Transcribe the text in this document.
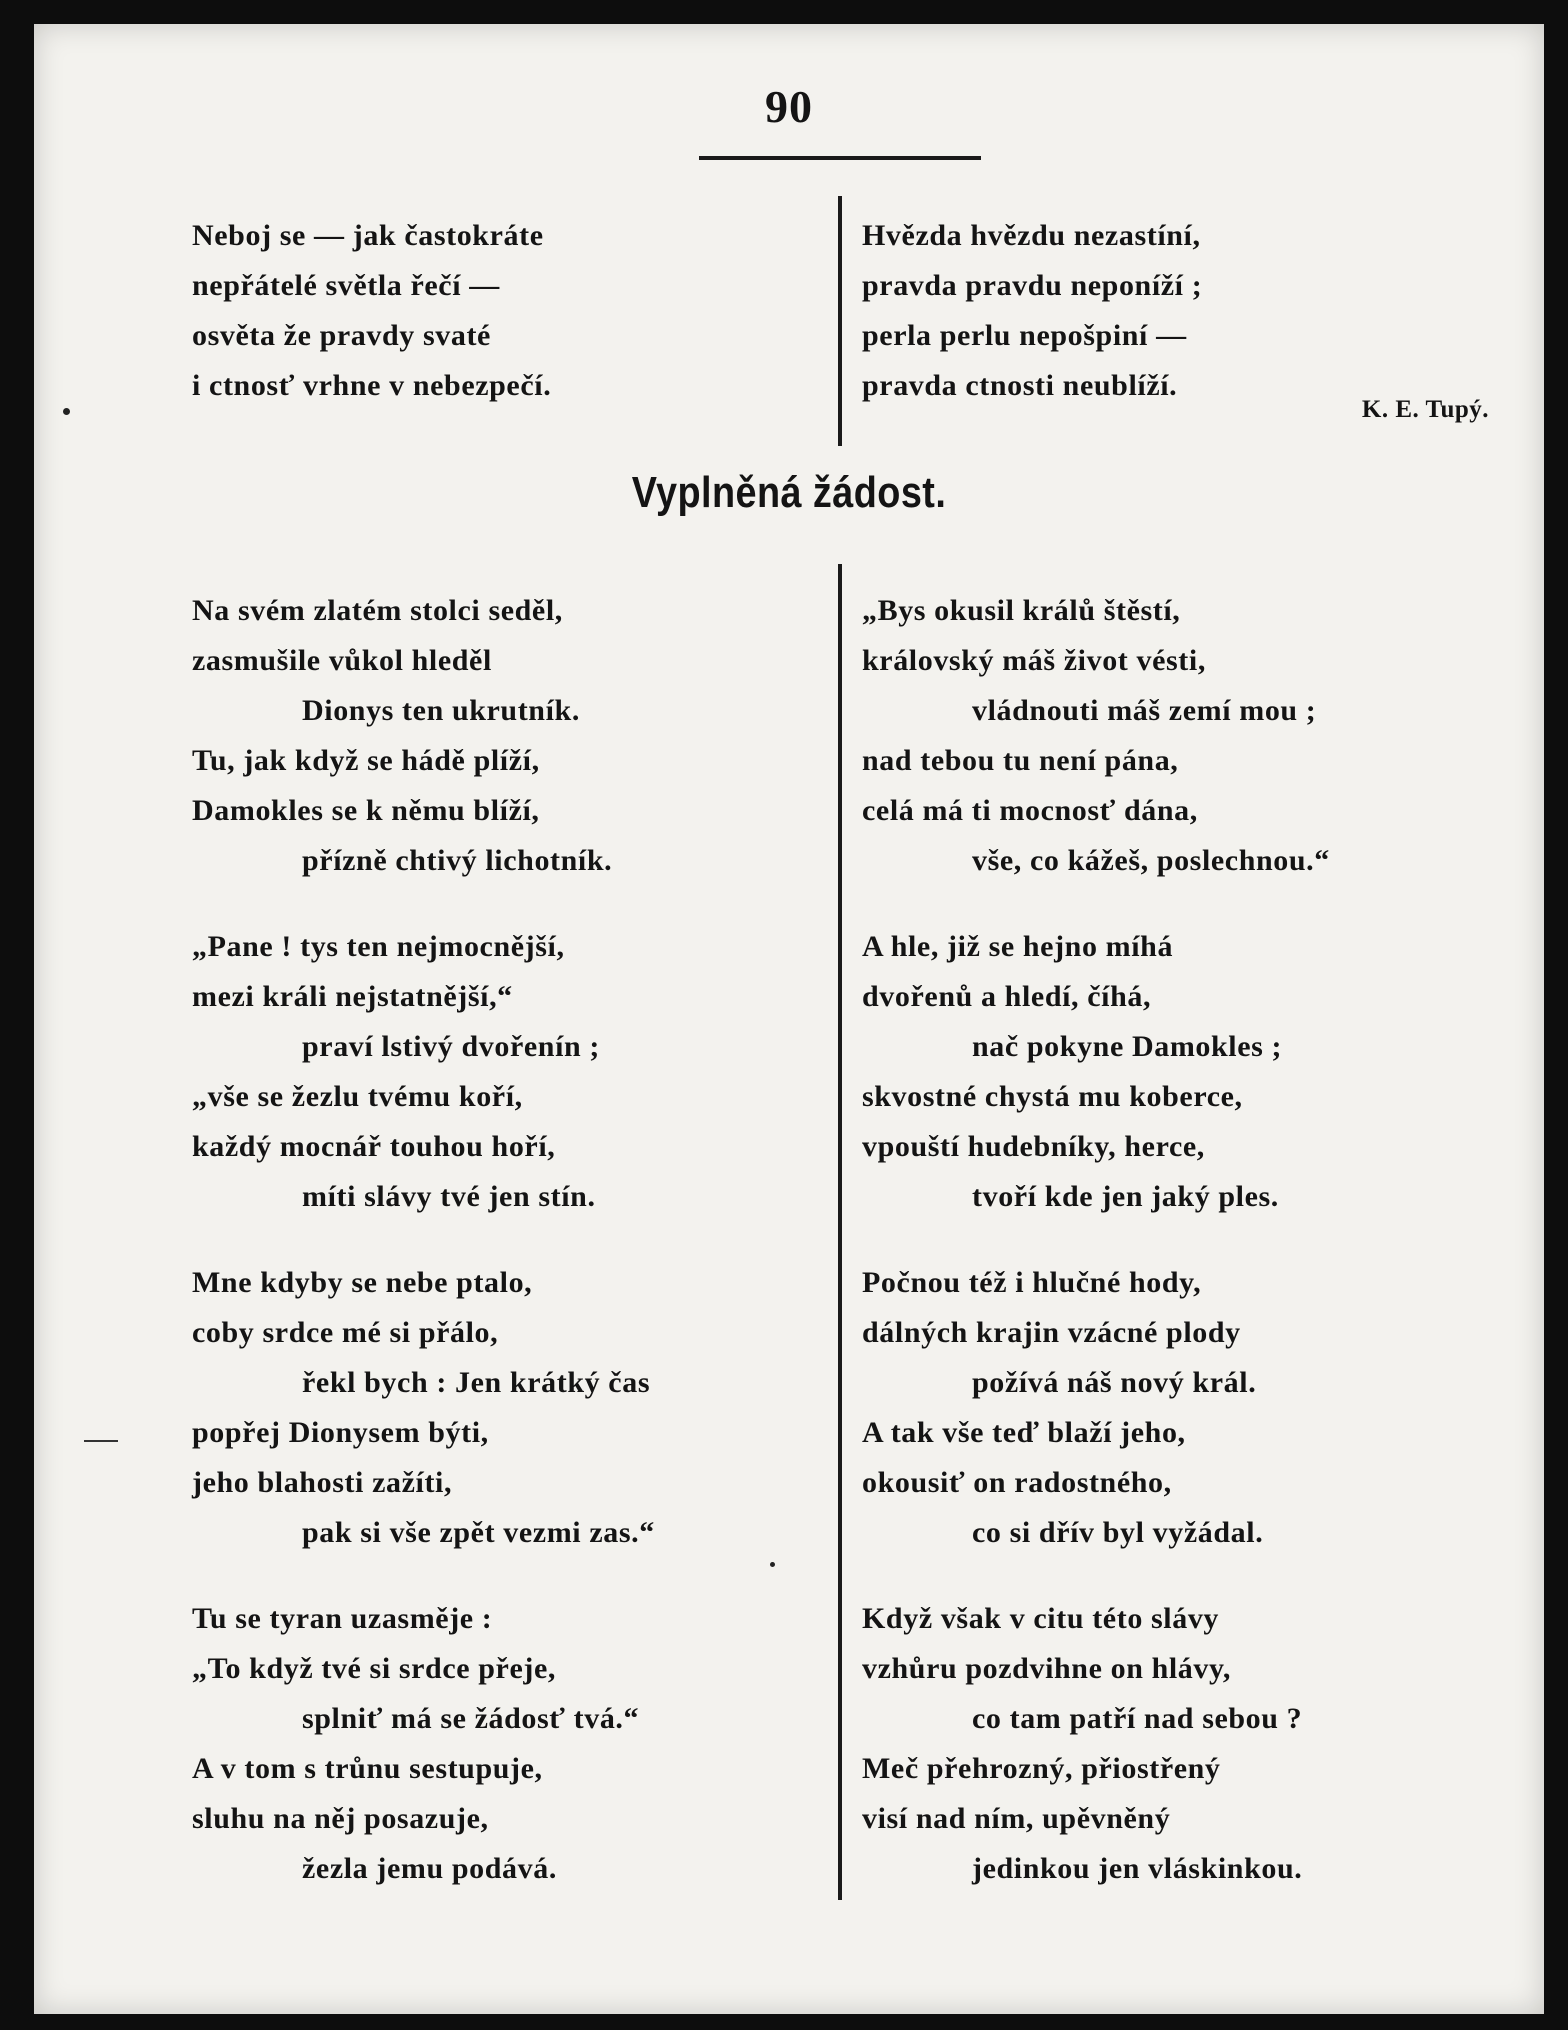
90
Neboj se — jak častokráte
nepřátelé světla řečí —
osvěta že pravdy svaté
i ctnosť vrhne v nebezpečí.
Hvězda hvězdu nezastíní,
pravda pravdu neponíží ;
perla perlu nepošpiní —
pravda ctnosti neublíží.
K. E. Tupý.
Vyplněná žádost.
Na svém zlatém stolci seděl,
zasmušile vůkol hleděl
Dionys ten ukrutník.
Tu, jak když se hádě plíží,
Damokles se k němu blíží,
přízně chtivý lichotník.
„Pane ! tys ten nejmocnější,
mezi králi nejstatnější,“
praví lstivý dvořenín ;
„vše se žezlu tvému koří,
každý mocnář touhou hoří,
míti slávy tvé jen stín.
Mne kdyby se nebe ptalo,
coby srdce mé si přálo,
řekl bych : Jen krátký čas
popřej Dionysem býti,
jeho blahosti zažíti,
pak si vše zpět vezmi zas.“
Tu se tyran uzasměje :
„To když tvé si srdce přeje,
splniť má se žádosť tvá.“
A v tom s trůnu sestupuje,
sluhu na něj posazuje,
žezla jemu podává.
„Bys okusil králů štěstí,
královský máš život vésti,
vládnouti máš zemí mou ;
nad tebou tu není pána,
celá má ti mocnosť dána,
vše, co kážeš, poslechnou.“
A hle, již se hejno míhá
dvořenů a hledí, číhá,
nač pokyne Damokles ;
skvostné chystá mu koberce,
vpouští hudebníky, herce,
tvoří kde jen jaký ples.
Počnou též i hlučné hody,
dálných krajin vzácné plody
požívá náš nový král.
A tak vše teď blaží jeho,
okousiť on radostného,
co si dřív byl vyžádal.
Když však v citu této slávy
vzhůru pozdvihne on hlávy,
co tam patří nad sebou ?
Meč přehrozný, přiostřený
visí nad ním, upěvněný
jedinkou jen vláskinkou.
